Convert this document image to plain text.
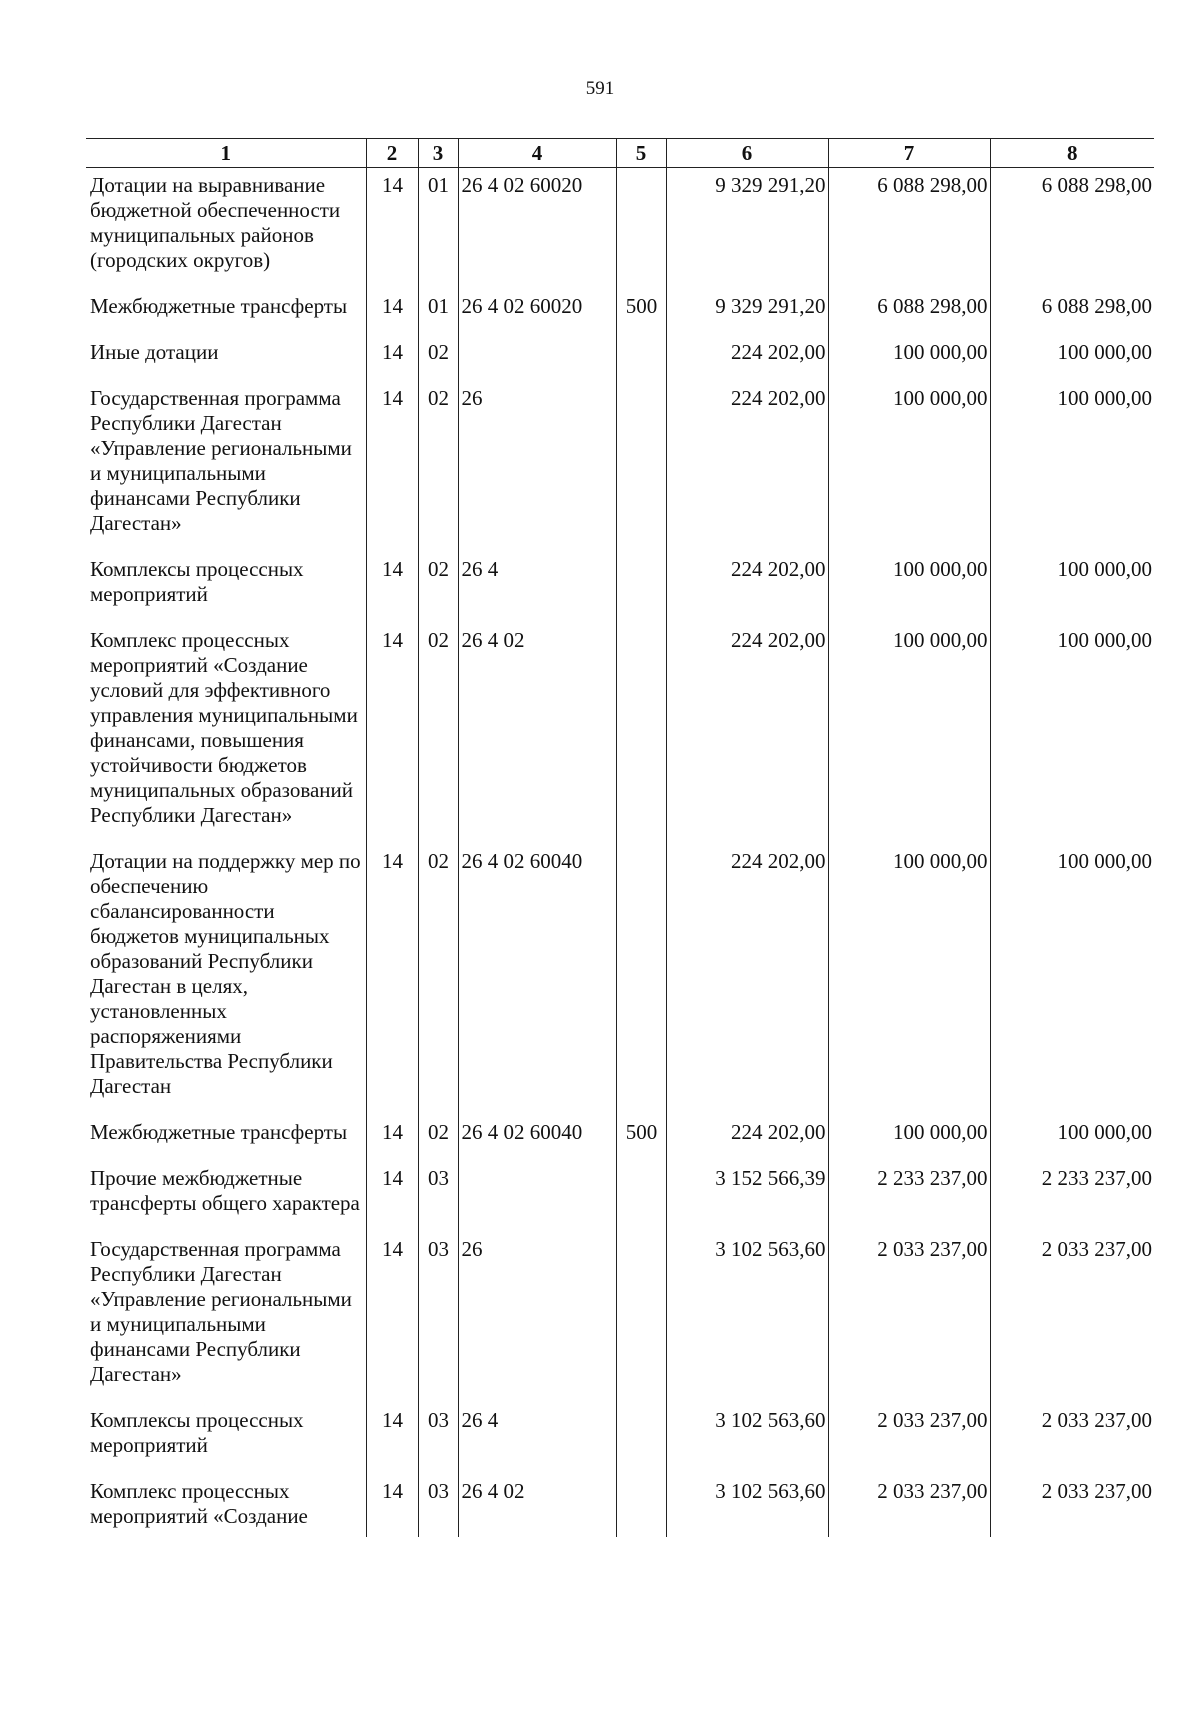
591
1	2	3	4	5	6	7	8
Дотации на выравнивание бюджетной обеспеченности муниципальных районов (городских округов)	14	01	26 4 02 60020		9 329 291,20	6 088 298,00	6 088 298,00
Межбюджетные трансферты	14	01	26 4 02 60020	500	9 329 291,20	6 088 298,00	6 088 298,00
Иные дотации	14	02			224 202,00	100 000,00	100 000,00
Государственная программа Республики Дагестан «Управление региональными и муниципальными финансами Республики Дагестан»	14	02	26		224 202,00	100 000,00	100 000,00
Комплексы процессных мероприятий	14	02	26 4		224 202,00	100 000,00	100 000,00
Комплекс процессных мероприятий «Создание условий для эффективного управления муниципальными финансами, повышения устойчивости бюджетов муниципальных образований Республики Дагестан»	14	02	26 4 02		224 202,00	100 000,00	100 000,00
Дотации на поддержку мер по обеспечению сбалансированности бюджетов муниципальных образований Республики Дагестан в целях, установленных распоряжениями Правительства Республики Дагестан	14	02	26 4 02 60040		224 202,00	100 000,00	100 000,00
Межбюджетные трансферты	14	02	26 4 02 60040	500	224 202,00	100 000,00	100 000,00
Прочие межбюджетные трансферты общего характера	14	03			3 152 566,39	2 233 237,00	2 233 237,00
Государственная программа Республики Дагестан «Управление региональными и муниципальными финансами Республики Дагестан»	14	03	26		3 102 563,60	2 033 237,00	2 033 237,00
Комплексы процессных мероприятий	14	03	26 4		3 102 563,60	2 033 237,00	2 033 237,00
Комплекс процессных мероприятий «Создание	14	03	26 4 02		3 102 563,60	2 033 237,00	2 033 237,00
